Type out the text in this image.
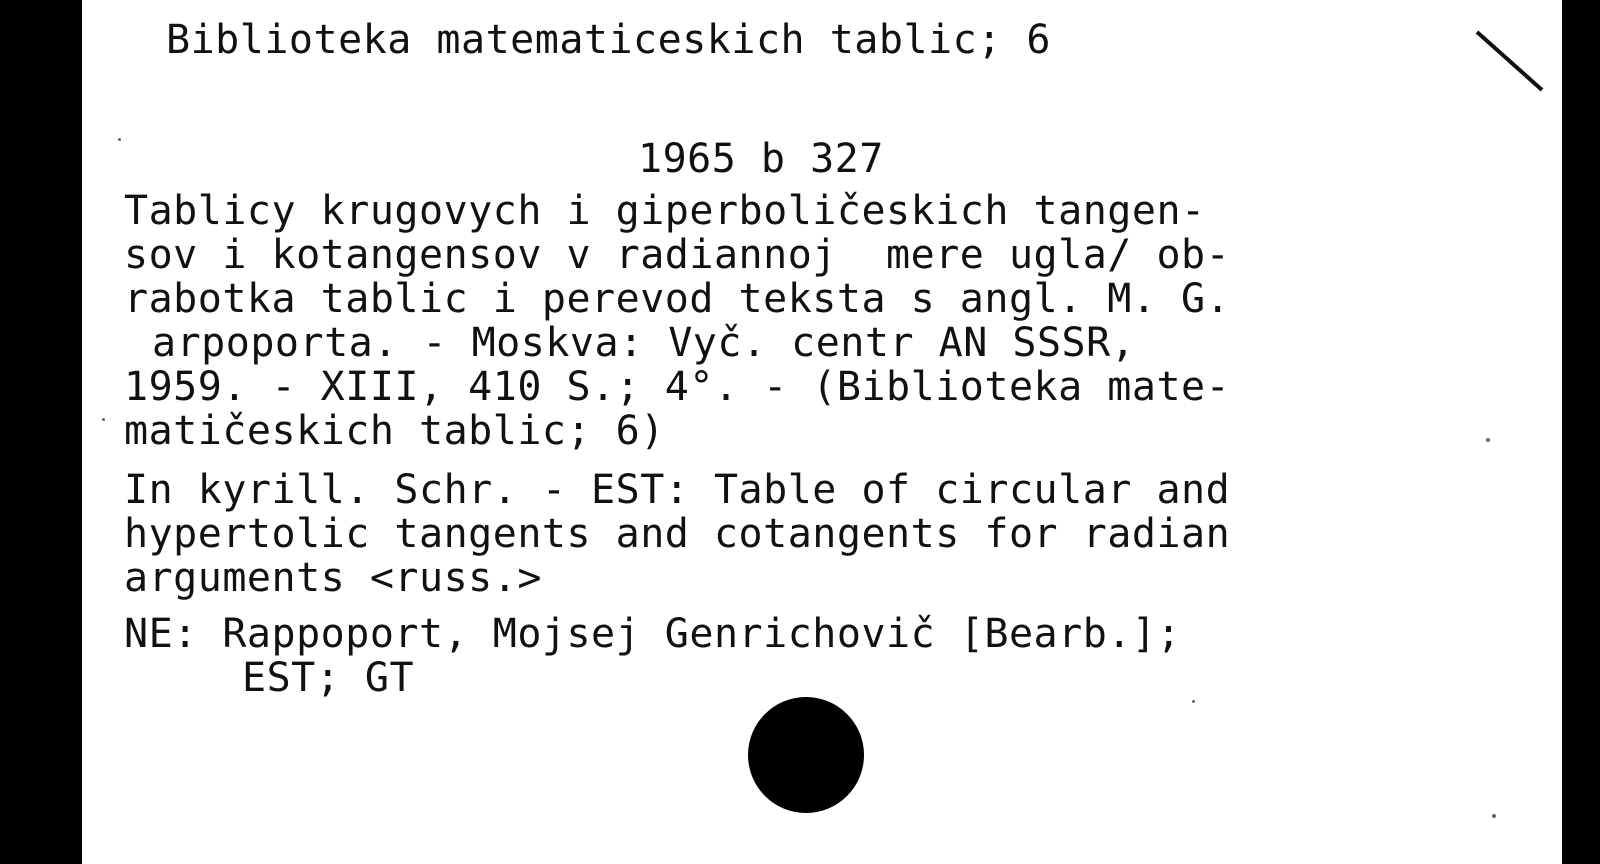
Biblioteka matematiceskich tablic; 6
1965 b 327
Tablicy krugovych i giperboličeskich tangen-
sov i kotangensov v radiannoj  mere ugla/ ob-
rabotka tablic i perevod teksta s angl. M. G.
arpoporta. - Moskva: Vyč. centr AN SSSR,
1959. - XIII, 410 S.; 4°. - (Biblioteka mate-
matičeskich tablic; 6)
In kyrill. Schr. - EST: Table of circular and
hypertolic tangents and cotangents for radian
arguments <russ.>
NE: Rappoport, Mojsej Genrichovič [Bearb.];
EST; GT
